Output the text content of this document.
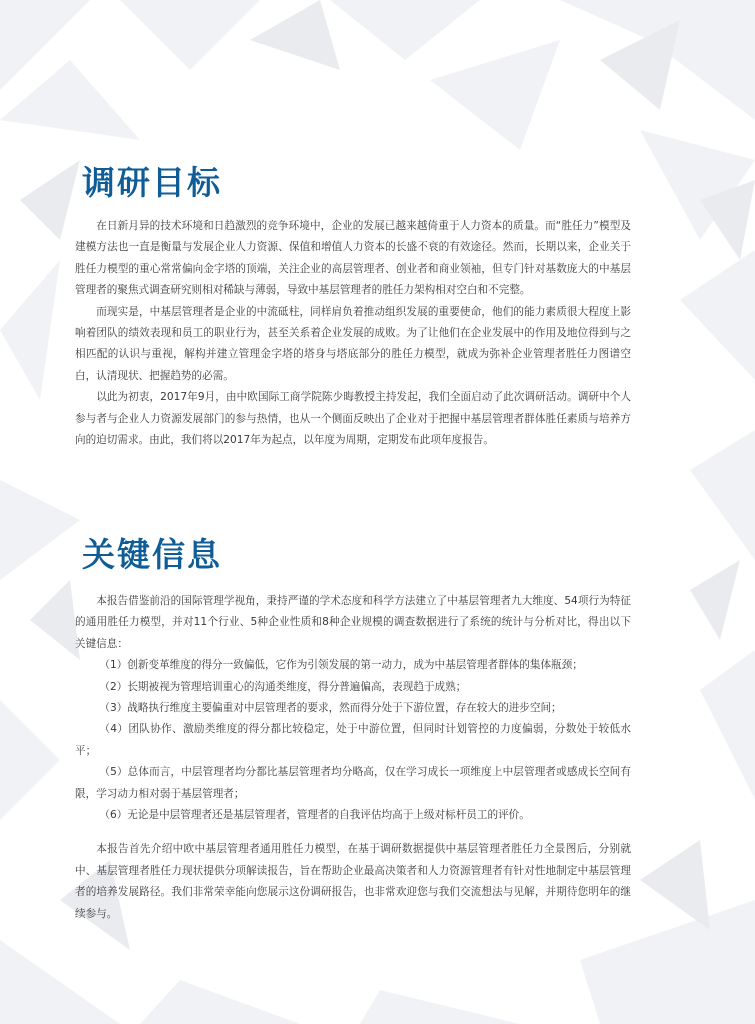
调研目标

在日新月异的技术环境和日趋激烈的竞争环境中，企业的发展已越来越倚重于人力资本的质量。而“胜任力”模型及建模方法也一直是衡量与发展企业人力资源、保值和增值人力资本的长盛不衰的有效途径。然而，长期以来，企业关于胜任力模型的重心常常偏向金字塔的顶端，关注企业的高层管理者、创业者和商业领袖，但专门针对基数庞大的中基层管理者的聚焦式调查研究则相对稀缺与薄弱，导致中基层管理者的胜任力架构相对空白和不完整。

而现实是，中基层管理者是企业的中流砥柱，同样肩负着推动组织发展的重要使命，他们的能力素质很大程度上影响着团队的绩效表现和员工的职业行为，甚至关系着企业发展的成败。为了让他们在企业发展中的作用及地位得到与之相匹配的认识与重视，解构并建立管理金字塔的塔身与塔底部分的胜任力模型，就成为弥补企业管理者胜任力图谱空白，认清现状、把握趋势的必需。

以此为初衷，2017年9月，由中欧国际工商学院陈少晦教授主持发起，我们全面启动了此次调研活动。调研中个人参与者与企业人力资源发展部门的参与热情，也从一个侧面反映出了企业对于把握中基层管理者群体胜任素质与培养方向的迫切需求。由此，我们将以2017年为起点，以年度为周期，定期发布此项年度报告。

关键信息

本报告借鉴前沿的国际管理学视角，秉持严谨的学术态度和科学方法建立了中基层管理者九大维度、54项行为特征的通用胜任力模型，并对11个行业、5种企业性质和8种企业规模的调查数据进行了系统的统计与分析对比，得出以下关键信息：

（1）创新变革维度的得分一致偏低，它作为引领发展的第一动力，成为中基层管理者群体的集体瓶颈；

（2）长期被视为管理培训重心的沟通类维度，得分普遍偏高，表现趋于成熟；

（3）战略执行维度主要偏重对中层管理者的要求，然而得分处于下游位置，存在较大的进步空间；

（4）团队协作、激励类维度的得分都比较稳定，处于中游位置，但同时计划管控的力度偏弱，分数处于较低水平；

（5）总体而言，中层管理者均分都比基层管理者均分略高，仅在学习成长一项维度上中层管理者或感成长空间有限，学习动力相对弱于基层管理者；

（6）无论是中层管理者还是基层管理者，管理者的自我评估均高于上级对标杆员工的评价。

本报告首先介绍中欧中基层管理者通用胜任力模型，在基于调研数据提供中基层管理者胜任力全景图后，分别就中、基层管理者胜任力现状提供分项解读报告，旨在帮助企业最高决策者和人力资源管理者有针对性地制定中基层管理者的培养发展路径。我们非常荣幸能向您展示这份调研报告，也非常欢迎您与我们交流想法与见解，并期待您明年的继续参与。
